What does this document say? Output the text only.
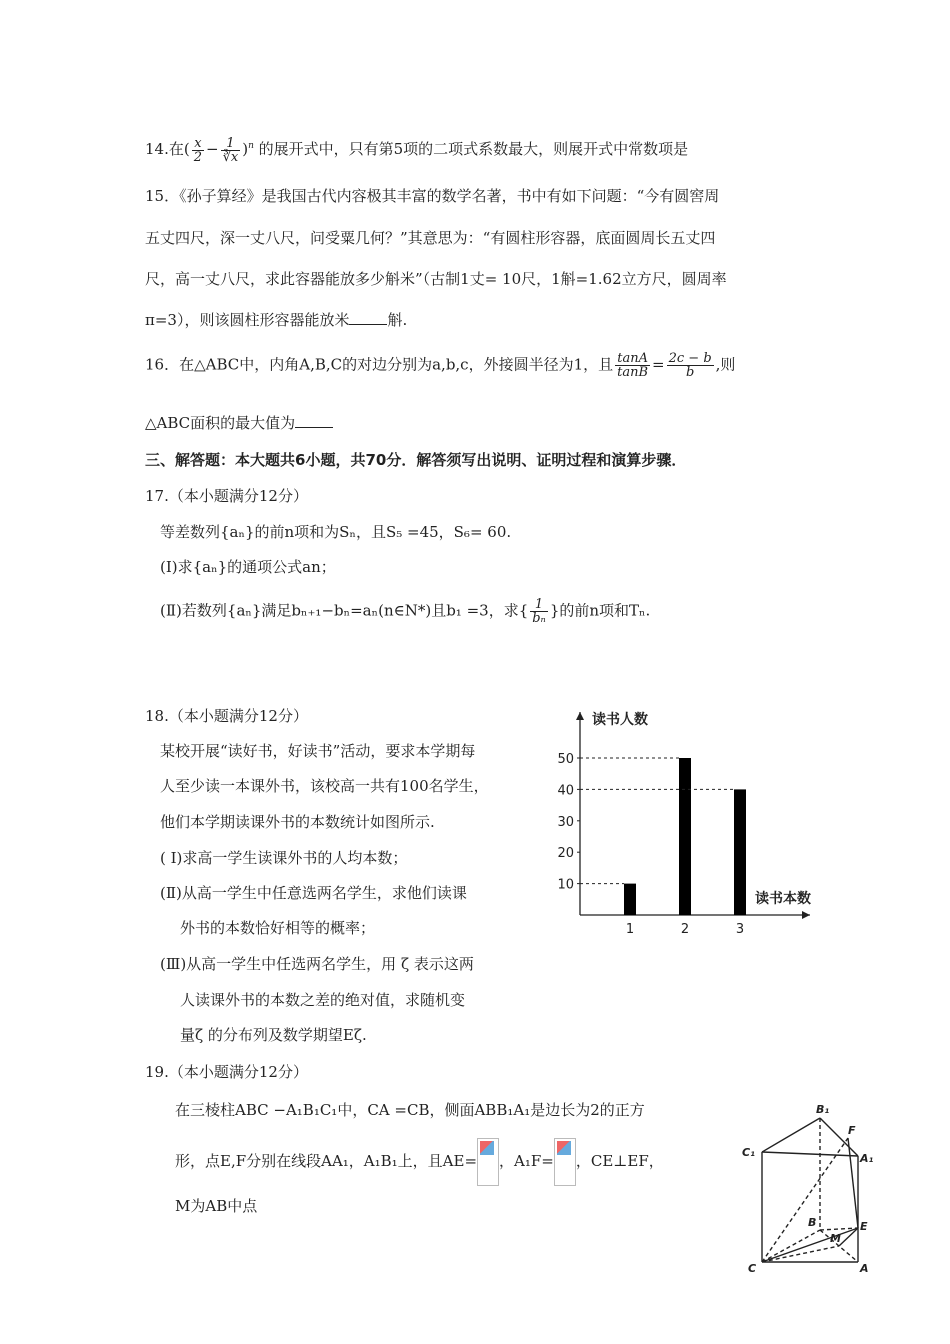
14.在( $\frac{x}{2} - \frac{1}{∛x} )^n$ 的展开式中，只有第5项的二项式系数最大，则展开式中常数项是
15．《孙子算经》是我国古代内容极其丰富的数学名著，书中有如下问题：“今有圆窖周
五丈四尺，深一丈八尺，问受粟几何？”其意思为：“有圆柱形容器，底面圆周长五丈四
尺，高一丈八尺，求此容器能放多少斛米”（古制1丈= 10尺，1斛=1.62立方尺，圆周率
π=3），则该圆柱形容器能放米	斛.
16．在△ABC中，内角A,B,C的对边分别为a,b,c，外接圆半径为1，且 $\frac{\tan A}{\tan B} = \frac{2c - b}{b}$ ,则
△ABC面积的最大值为
三、解答题：本大题共6小题，共70分．解答须写出说明、证明过程和演算步骤．
17.（本小题满分12分）
等差数列{aₙ}的前n项和为Sₙ，且S₅ =45，S₆= 60.
(Ⅰ)求{aₙ}的通项公式an；
(Ⅱ)若数列{aₙ}满足bₙ₊₁−bₙ=aₙ(n∈N*)且b₁ =3，求{ $\frac{1}{\text{bₙ}}$ }的前n项和Tₙ.
18.（本小题满分12分）
某校开展“读好书，好读书”活动，要求本学期每
人至少读一本课外书，该校高一共有100名学生，
他们本学期读课外书的本数统计如图所示.
( Ⅰ)求高一学生读课外书的人均本数；
(Ⅱ)从高一学生中任意选两名学生，求他们读课
外书的本数恰好相等的概率；
(Ⅲ)从高一学生中任选两名学生，用 ζ 表示这两
人读课外书的本数之差的绝对值，求随机变
量ζ 的分布列及数学期望Eζ.
读书人数
读书本数
10
20
30
40
50
1	2	3
19.（本小题满分12分）
在三棱柱ABC −A₁B₁C₁中，CA =CB，侧面ABB₁A₁是边长为2的正方
形，点E,F分别在线段AA₁，A₁B₁上，且AE= ，A₁F= ，CE⊥EF，
M为AB中点
B₁
F
C₁	A₁
B	E
M
C	A
